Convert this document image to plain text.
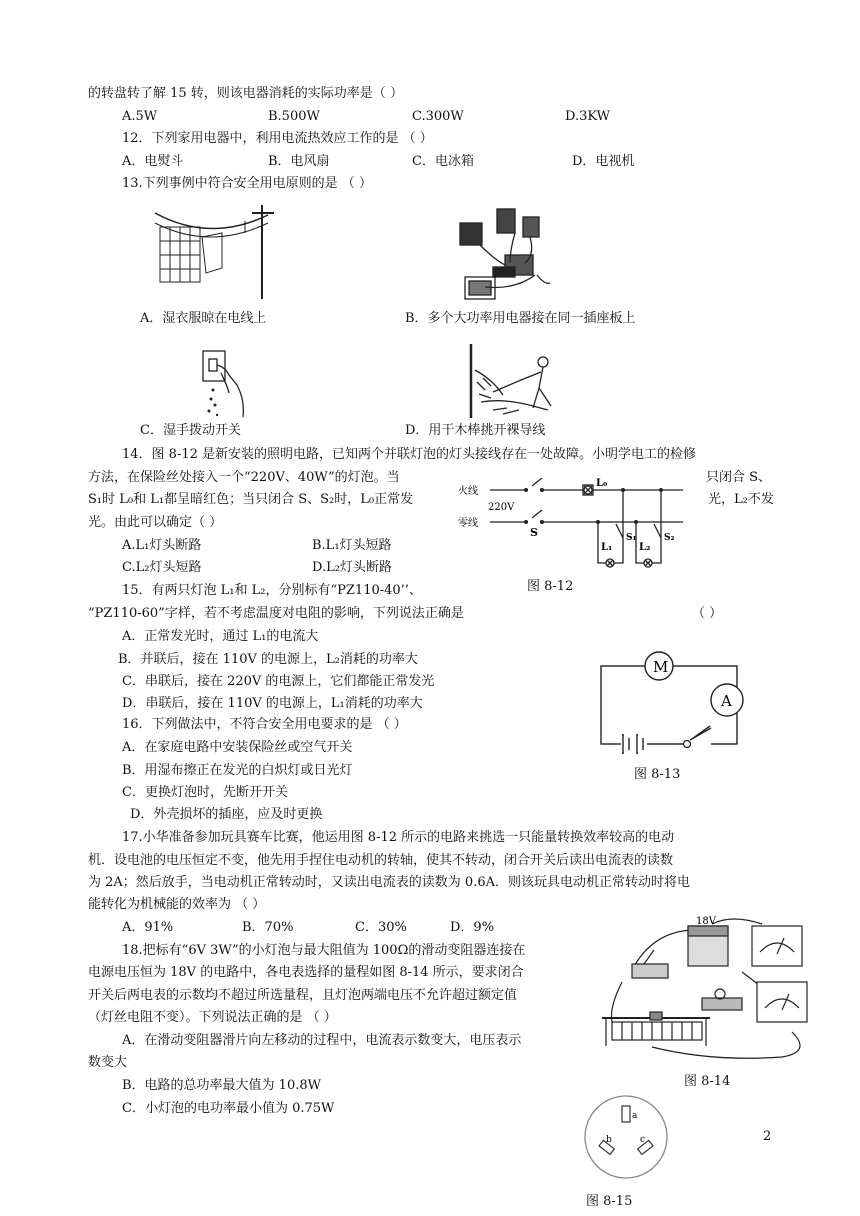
的转盘转了解 15 转，则该电器消耗的实际功率是（ ）
A.5W	B.500W	C.300W	D.3KW
12．下列家用电器中，利用电流热效应工作的是 （ ）
A．电熨斗	B．电风扇	C．电冰箱	D．电视机
13.下列事例中符合安全用电原则的是 （ ）
A．湿衣服晾在电线上	B．多个大功率用电器接在同一插座板上
C．湿手拨动开关	D．用干木棒挑开裸导线
14．图 8-12 是新安装的照明电路，已知两个并联灯泡的灯头接线存在一处故障。小明学电工的检修
方法，在保险丝处接入一个“220V、40W”的灯泡。当	只闭合 S、
S₁时 L₀和 L₁都呈暗红色；当只闭合 S、S₂时，L₀正常发	光，L₂不发
光。由此可以确定（ ）
A.L₁灯头断路	B.L₁灯头短路
C.L₂灯头短路	D.L₂灯头断路
火线
零线
220V
S
L₀
L₁	L₂
S₁	S₂
图 8-12
15．有两只灯泡 L₁和 L₂，分别标有“PZ110-40’’、
“PZ110-60”字样，若不考虑温度对电阻的影响，下列说法正确是	（ ）
A．正常发光时，通过 L₁的电流大
B．并联后，接在 110V 的电源上，L₂消耗的功率大
C．串联后，接在 220V 的电源上，它们都能正常发光
D．串联后，接在 110V 的电源上，L₁消耗的功率大
M
A
图 8-13
16．下列做法中，不符合安全用电要求的是 （ ）
A．在家庭电路中安装保险丝或空气开关
B．用湿布擦正在发光的白炽灯或日光灯
C．更换灯泡时，先断开开关
D．外壳损坏的插座，应及时更换
17.小华准备参加玩具赛车比赛，他运用图 8-12 所示的电路来挑选一只能量转换效率较高的电动
机．设电池的电压恒定不变，他先用手捏住电动机的转轴，使其不转动，闭合开关后读出电流表的读数
为 2A；然后放手，当电动机正常转动时，又读出电流表的读数为 0.6A．则该玩具电动机正常转动时将电
能转化为机械能的效率为 （ ）
A．91%	B．70%	C．30%	D．9%
18.把标有“6V 3W”的小灯泡与最大阻值为 100Ω的滑动变阻器连接在
电源电压恒为 18V 的电路中，各电表选择的量程如图 8-14 所示，要求闭合
开关后两电表的示数均不超过所选量程，且灯泡两端电压不允许超过额定值
（灯丝电阻不变）。下列说法正确的是 （ ）
A．在滑动变阻器滑片向左移动的过程中，电流表示数变大，电压表示
数变大
B．电路的总功率最大值为 10.8W
C．小灯泡的电功率最小值为 0.75W
18V
图 8-14
a
b	c
图 8-15
2
